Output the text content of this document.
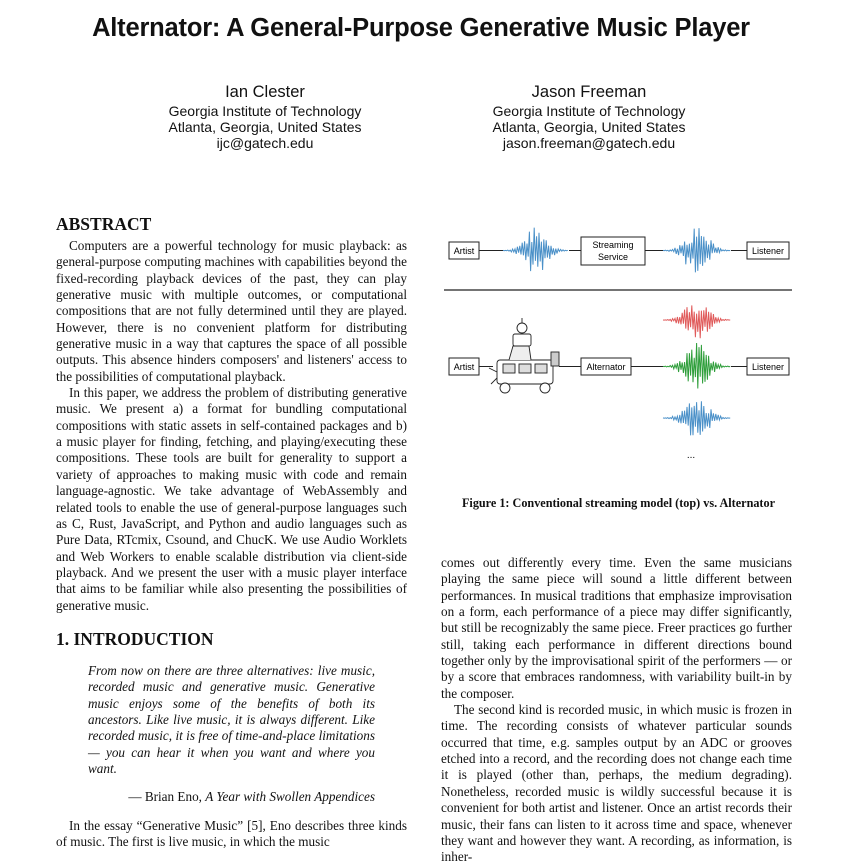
Alternator: A General-Purpose Generative Music Player
Ian Clester
Georgia Institute of Technology
Atlanta, Georgia, United States
ijc@gatech.edu
Jason Freeman
Georgia Institute of Technology
Atlanta, Georgia, United States
jason.freeman@gatech.edu
ABSTRACT

Computers are a powerful technology for music playback: as general-purpose computing machines with capabilities beyond the fixed-recording playback devices of the past, they can play generative music with multiple outcomes, or computational compositions that are not fully determined until they are played. However, there is no convenient platform for distributing generative music in a way that captures the space of all possible outputs. This absence hinders composers' and listeners' access to the possibilities of computational playback.

In this paper, we address the problem of distributing generative music. We present a) a format for bundling computational compositions with static assets in self-contained packages and b) a music player for finding, fetching, and playing/executing these compositions. These tools are built for generality to support a variety of approaches to making music with code and remain language-agnostic. We take advantage of WebAssembly and related tools to enable the use of general-purpose languages such as C, Rust, JavaScript, and Python and audio languages such as Pure Data, RTcmix, Csound, and ChucK. We use Audio Worklets and Web Workers to enable scalable distribution via client-side playback. And we present the user with a music player interface that aims to be familiar while also presenting the possibilities of generative music.

1. INTRODUCTION
From now on there are three alternatives: live music, recorded music and generative music. Generative music enjoys some of the benefits of both its ancestors. Like live music, it is always different. Like recorded music, it is free of time-and-place limitations — you can hear it when you want and where you want.
— Brian Eno, A Year with Swollen Appendices

In the essay “Generative Music” [5], Eno describes three kinds of music. The first is live music, in which the music

Artist
Streaming
Service
Listener
Artist	Alternator	Listener
...
Figure 1: Conventional streaming model (top) vs. Alternator

comes out differently every time. Even the same musicians playing the same piece will sound a little different between performances. In musical traditions that emphasize improvisation on a form, each performance of a piece may differ significantly, but still be recognizably the same piece. Freer practices go further still, taking each performance in different directions bound together only by the improvisational spirit of the performers — or by a score that embraces randomness, with variability built-in by the composer.

The second kind is recorded music, in which music is frozen in time. The recording consists of whatever particular sounds occurred that time, e.g. samples output by an ADC or grooves etched into a record, and the recording does not change each time it is played (other than, perhaps, the medium degrading). Nonetheless, recorded music is wildly successful because it is convenient for both artist and listener. Once an artist records their music, their fans can listen to it across time and space, whenever they want and however they want. A recording, as information, is inher-
